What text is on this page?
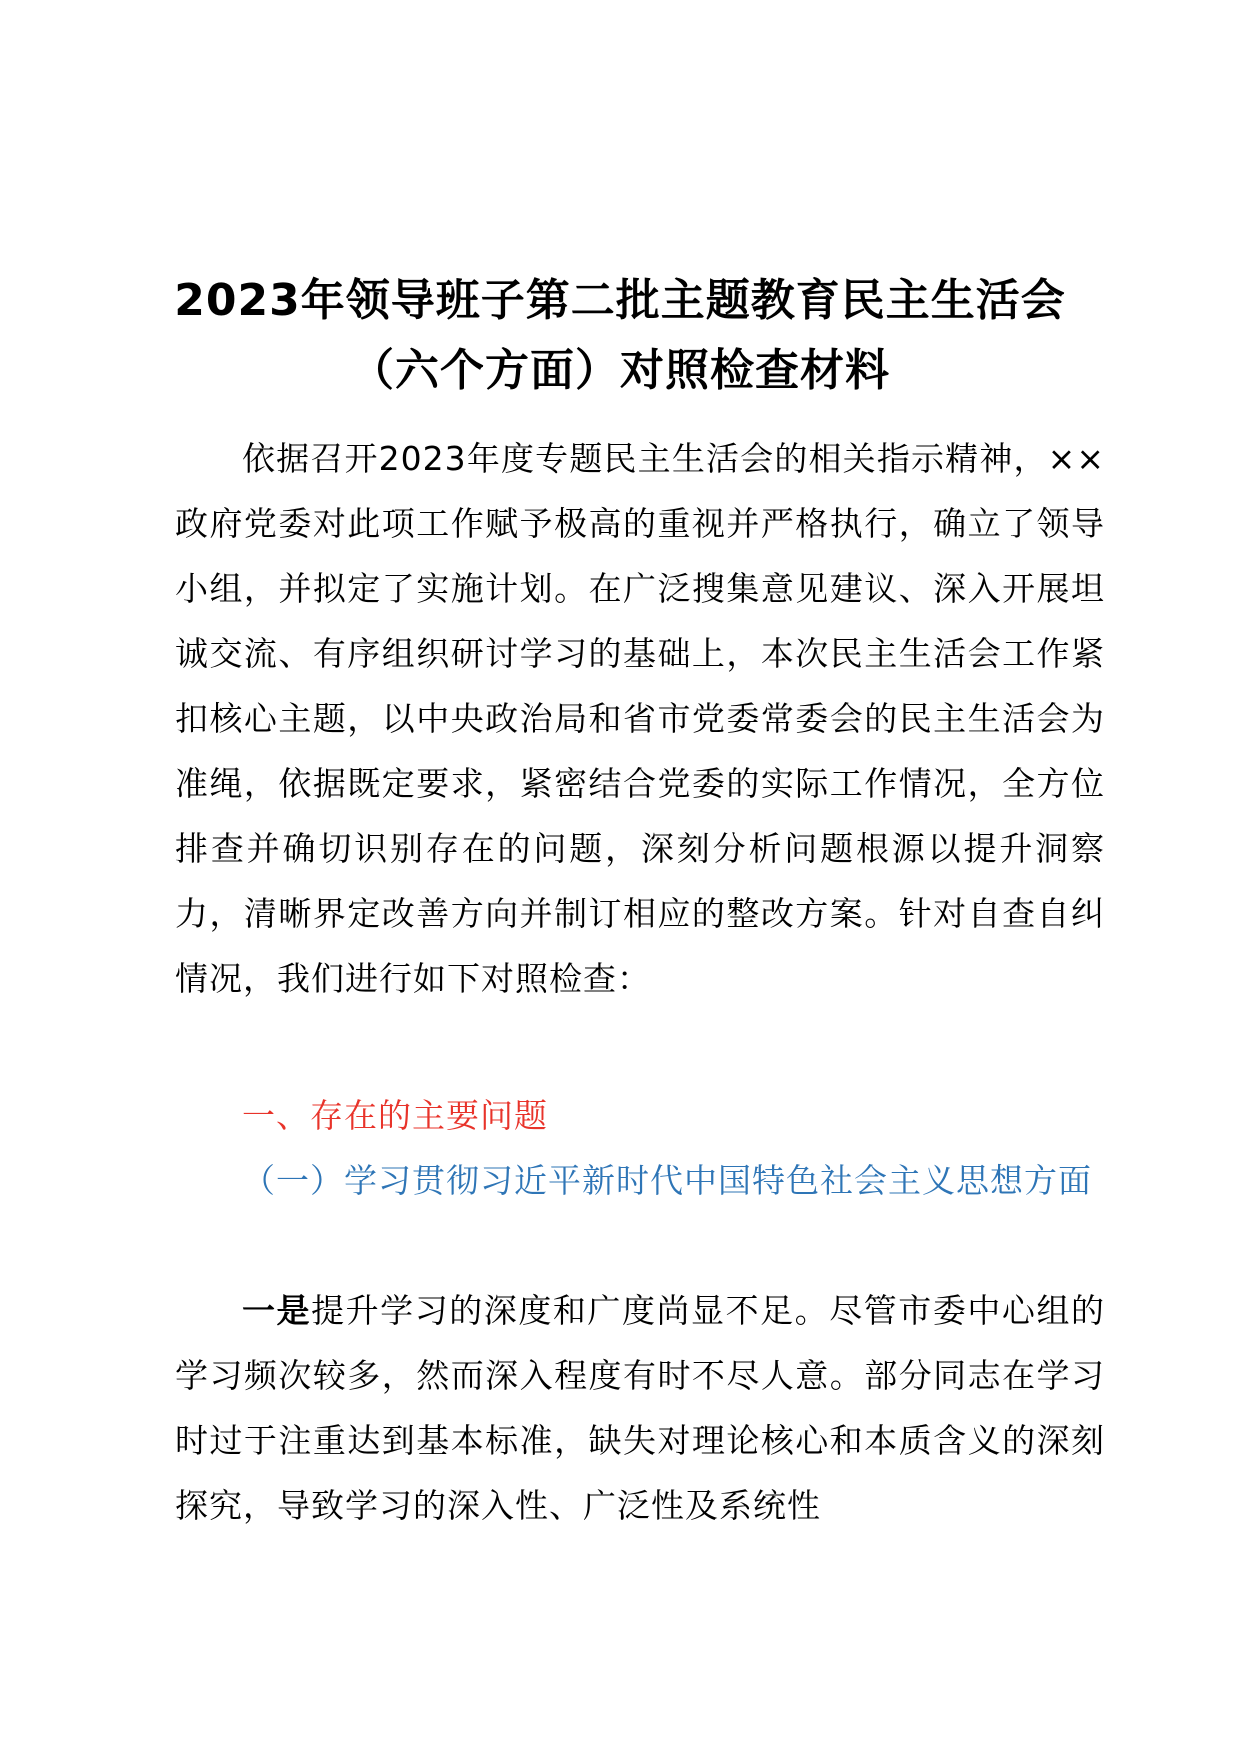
2023年领导班子第二批主题教育民主生活会（六个方面）对照检查材料

依据召开2023年度专题民主生活会的相关指示精神，××政府党委对此项工作赋予极高的重视并严格执行，确立了领导小组，并拟定了实施计划。在广泛搜集意见建议、深入开展坦诚交流、有序组织研讨学习的基础上，本次民主生活会工作紧扣核心主题，以中央政治局和省市党委常委会的民主生活会为准绳，依据既定要求，紧密结合党委的实际工作情况，全方位排查并确切识别存在的问题，深刻分析问题根源以提升洞察力，清晰界定改善方向并制订相应的整改方案。针对自查自纠情况，我们进行如下对照检查：

一、存在的主要问题
（一）学习贯彻习近平新时代中国特色社会主义思想方面

一是提升学习的深度和广度尚显不足。尽管市委中心组的学习频次较多，然而深入程度有时不尽人意。部分同志在学习时过于注重达到基本标准，缺失对理论核心和本质含义的深刻探究，导致学习的深入性、广泛性及系统性
